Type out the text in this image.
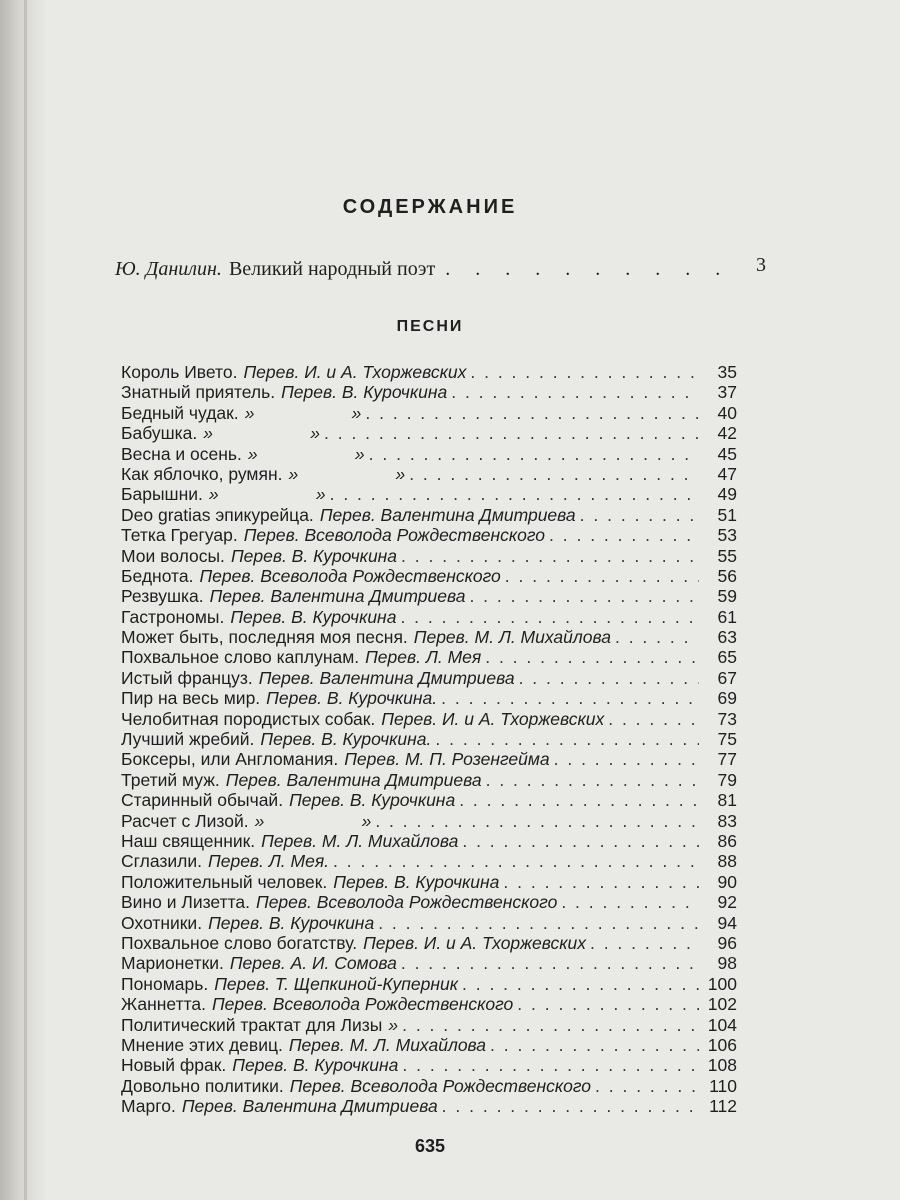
СОДЕРЖАНИЕ
Ю. Данилин. Великий народный поэт . . . . . . . . . . 3
ПЕСНИ
Король Ивето. Перев. И. и А. Тхоржевских . . .	35
Знатный приятель. Перев. В. Курочкина . . .	37
Бедный чудак. »                    » . . .	40
Бабушка. »                    » . . .	42
Весна и осень. »                    » . . .	45
Как яблочко, румян. »                    » . . .	47
Барышни. »                    » . . .	49
Deo gratias эпикурейца. Перев. Валентина Дмитриева . . .	51
Тетка Грегуар. Перев. Всеволода Рождественского . . .	53
Мои волосы. Перев. В. Курочкина . . .	55
Беднота. Перев. Всеволода Рождественского . . .	56
Резвушка. Перев. Валентина Дмитриева . . .	59
Гастрономы. Перев. В. Курочкина . . .	61
Может быть, последняя моя песня. Перев. М. Л. Михайлова . . .	63
Похвальное слово каплунам. Перев. Л. Мея . . .	65
Истый француз. Перев. Валентина Дмитриева . . .	67
Пир на весь мир. Перев. В. Курочкина. . . .	69
Челобитная породистых собак. Перев. И. и А. Тхоржевских . . .	73
Лучший жребий. Перев. В. Курочкина. . . .	75
Боксеры, или Англомания. Перев. М. П. Розенгейма . . .	77
Третий муж. Перев. Валентина Дмитриева . . .	79
Старинный обычай. Перев. В. Курочкина . . .	81
Расчет с Лизой. »                    » . . .	83
Наш священник. Перев. М. Л. Михайлова . . .	86
Сглазили. Перев. Л. Мея. . . .	88
Положительный человек. Перев. В. Курочкина . . .	90
Вино и Лизетта. Перев. Всеволода Рождественского . . .	92
Охотники. Перев. В. Курочкина . . .	94
Похвальное слово богатству. Перев. И. и А. Тхоржевских . . .	96
Марионетки. Перев. А. И. Сомова . . .	98
Пономарь. Перев. Т. Щепкиной-Куперник . . .	100
Жаннетта. Перев. Всеволода Рождественского . . .	102
Политический трактат для Лизы » . . .	104
Мнение этих девиц. Перев. М. Л. Михайлова . . .	106
Новый фрак. Перев. В. Курочкина . . .	108
Довольно политики. Перев. Всеволода Рождественского . . .	110
Марго. Перев. Валентина Дмитриева . . .	112
635
